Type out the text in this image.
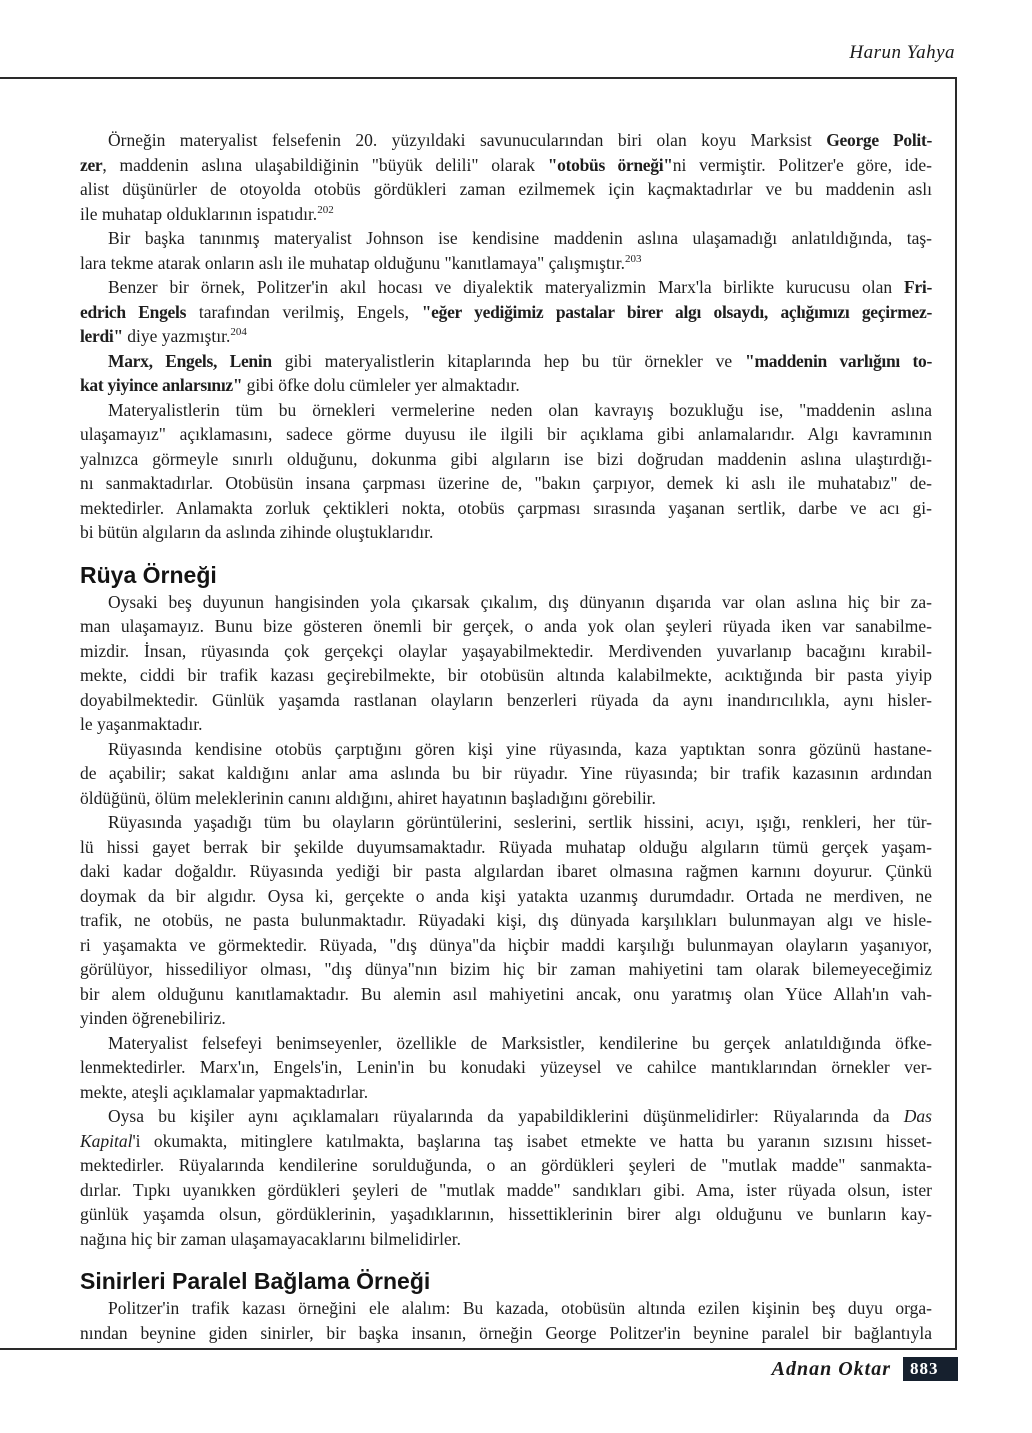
Harun Yahya
Örneğin materyalist felsefenin 20. yüzyıldaki savunucularından biri olan koyu Marksist George Polit-
zer, maddenin aslına ulaşabildiğinin "büyük delili" olarak "otobüs örneği"ni vermiştir. Politzer'e göre, ide-
alist düşünürler de otoyolda otobüs gördükleri zaman ezilmemek için kaçmaktadırlar ve bu maddenin aslı
ile muhatap olduklarının ispatıdır.$^{202}$
Bir başka tanınmış materyalist Johnson ise kendisine maddenin aslına ulaşamadığı anlatıldığında, taş-
lara tekme atarak onların aslı ile muhatap olduğunu "kanıtlamaya" çalışmıştır.$^{203}$
Benzer bir örnek, Politzer'in akıl hocası ve diyalektik materyalizmin Marx'la birlikte kurucusu olan Fri-
edrich Engels tarafından verilmiş, Engels, "eğer yediğimiz pastalar birer algı olsaydı, açlığımızı geçirmez-
lerdi" diye yazmıştır.$^{204}$
Marx, Engels, Lenin gibi materyalistlerin kitaplarında hep bu tür örnekler ve "maddenin varlığını to-
kat yiyince anlarsınız" gibi öfke dolu cümleler yer almaktadır.
Materyalistlerin tüm bu örnekleri vermelerine neden olan kavrayış bozukluğu ise, "maddenin aslına
ulaşamayız" açıklamasını, sadece görme duyusu ile ilgili bir açıklama gibi anlamalarıdır. Algı kavramının
yalnızca görmeyle sınırlı olduğunu, dokunma gibi algıların ise bizi doğrudan maddenin aslına ulaştırdığı-
nı sanmaktadırlar. Otobüsün insana çarpması üzerine de, "bakın çarpıyor, demek ki aslı ile muhatabız" de-
mektedirler. Anlamakta zorluk çektikleri nokta, otobüs çarpması sırasında yaşanan sertlik, darbe ve acı gi-
bi bütün algıların da aslında zihinde oluştuklarıdır.
Rüya Örneği
Oysaki beş duyunun hangisinden yola çıkarsak çıkalım, dış dünyanın dışarıda var olan aslına hiç bir za-
man ulaşamayız. Bunu bize gösteren önemli bir gerçek, o anda yok olan şeyleri rüyada iken var sanabilme-
mizdir. İnsan, rüyasında çok gerçekçi olaylar yaşayabilmektedir. Merdivenden yuvarlanıp bacağını kırabil-
mekte, ciddi bir trafik kazası geçirebilmekte, bir otobüsün altında kalabilmekte, acıktığında bir pasta yiyip
doyabilmektedir. Günlük yaşamda rastlanan olayların benzerleri rüyada da aynı inandırıcılıkla, aynı hisler-
le yaşanmaktadır.
Rüyasında kendisine otobüs çarptığını gören kişi yine rüyasında, kaza yaptıktan sonra gözünü hastane-
de açabilir; sakat kaldığını anlar ama aslında bu bir rüyadır. Yine rüyasında; bir trafik kazasının ardından
öldüğünü, ölüm meleklerinin canını aldığını, ahiret hayatının başladığını görebilir.
Rüyasında yaşadığı tüm bu olayların görüntülerini, seslerini, sertlik hissini, acıyı, ışığı, renkleri, her tür-
lü hissi gayet berrak bir şekilde duyumsamaktadır. Rüyada muhatap olduğu algıların tümü gerçek yaşam-
daki kadar doğaldır. Rüyasında yediği bir pasta algılardan ibaret olmasına rağmen karnını doyurur. Çünkü
doymak da bir algıdır. Oysa ki, gerçekte o anda kişi yatakta uzanmış durumdadır. Ortada ne merdiven, ne
trafik, ne otobüs, ne pasta bulunmaktadır. Rüyadaki kişi, dış dünyada karşılıkları bulunmayan algı ve hisle-
ri yaşamakta ve görmektedir. Rüyada, "dış dünya"da hiçbir maddi karşılığı bulunmayan olayların yaşanıyor,
görülüyor, hissediliyor olması, "dış dünya"nın bizim hiç bir zaman mahiyetini tam olarak bilemeyeceğimiz
bir alem olduğunu kanıtlamaktadır. Bu alemin asıl mahiyetini ancak, onu yaratmış olan Yüce Allah'ın vah-
yinden öğrenebiliriz.
Materyalist felsefeyi benimseyenler, özellikle de Marksistler, kendilerine bu gerçek anlatıldığında öfke-
lenmektedirler. Marx'ın, Engels'in, Lenin'in bu konudaki yüzeysel ve cahilce mantıklarından örnekler ver-
mekte, ateşli açıklamalar yapmaktadırlar.
Oysa bu kişiler aynı açıklamaları rüyalarında da yapabildiklerini düşünmelidirler: Rüyalarında da Das
Kapital'i okumakta, mitinglere katılmakta, başlarına taş isabet etmekte ve hatta bu yaranın sızısını hisset-
mektedirler. Rüyalarında kendilerine sorulduğunda, o an gördükleri şeyleri de "mutlak madde" sanmakta-
dırlar. Tıpkı uyanıkken gördükleri şeyleri de "mutlak madde" sandıkları gibi. Ama, ister rüyada olsun, ister
günlük yaşamda olsun, gördüklerinin, yaşadıklarının, hissettiklerinin birer algı olduğunu ve bunların kay-
nağına hiç bir zaman ulaşamayacaklarını bilmelidirler.
Sinirleri Paralel Bağlama Örneği
Politzer'in trafik kazası örneğini ele alalım: Bu kazada, otobüsün altında ezilen kişinin beş duyu orga-
nından beynine giden sinirler, bir başka insanın, örneğin George Politzer'in beynine paralel bir bağlantıyla
Adnan Oktar	883
